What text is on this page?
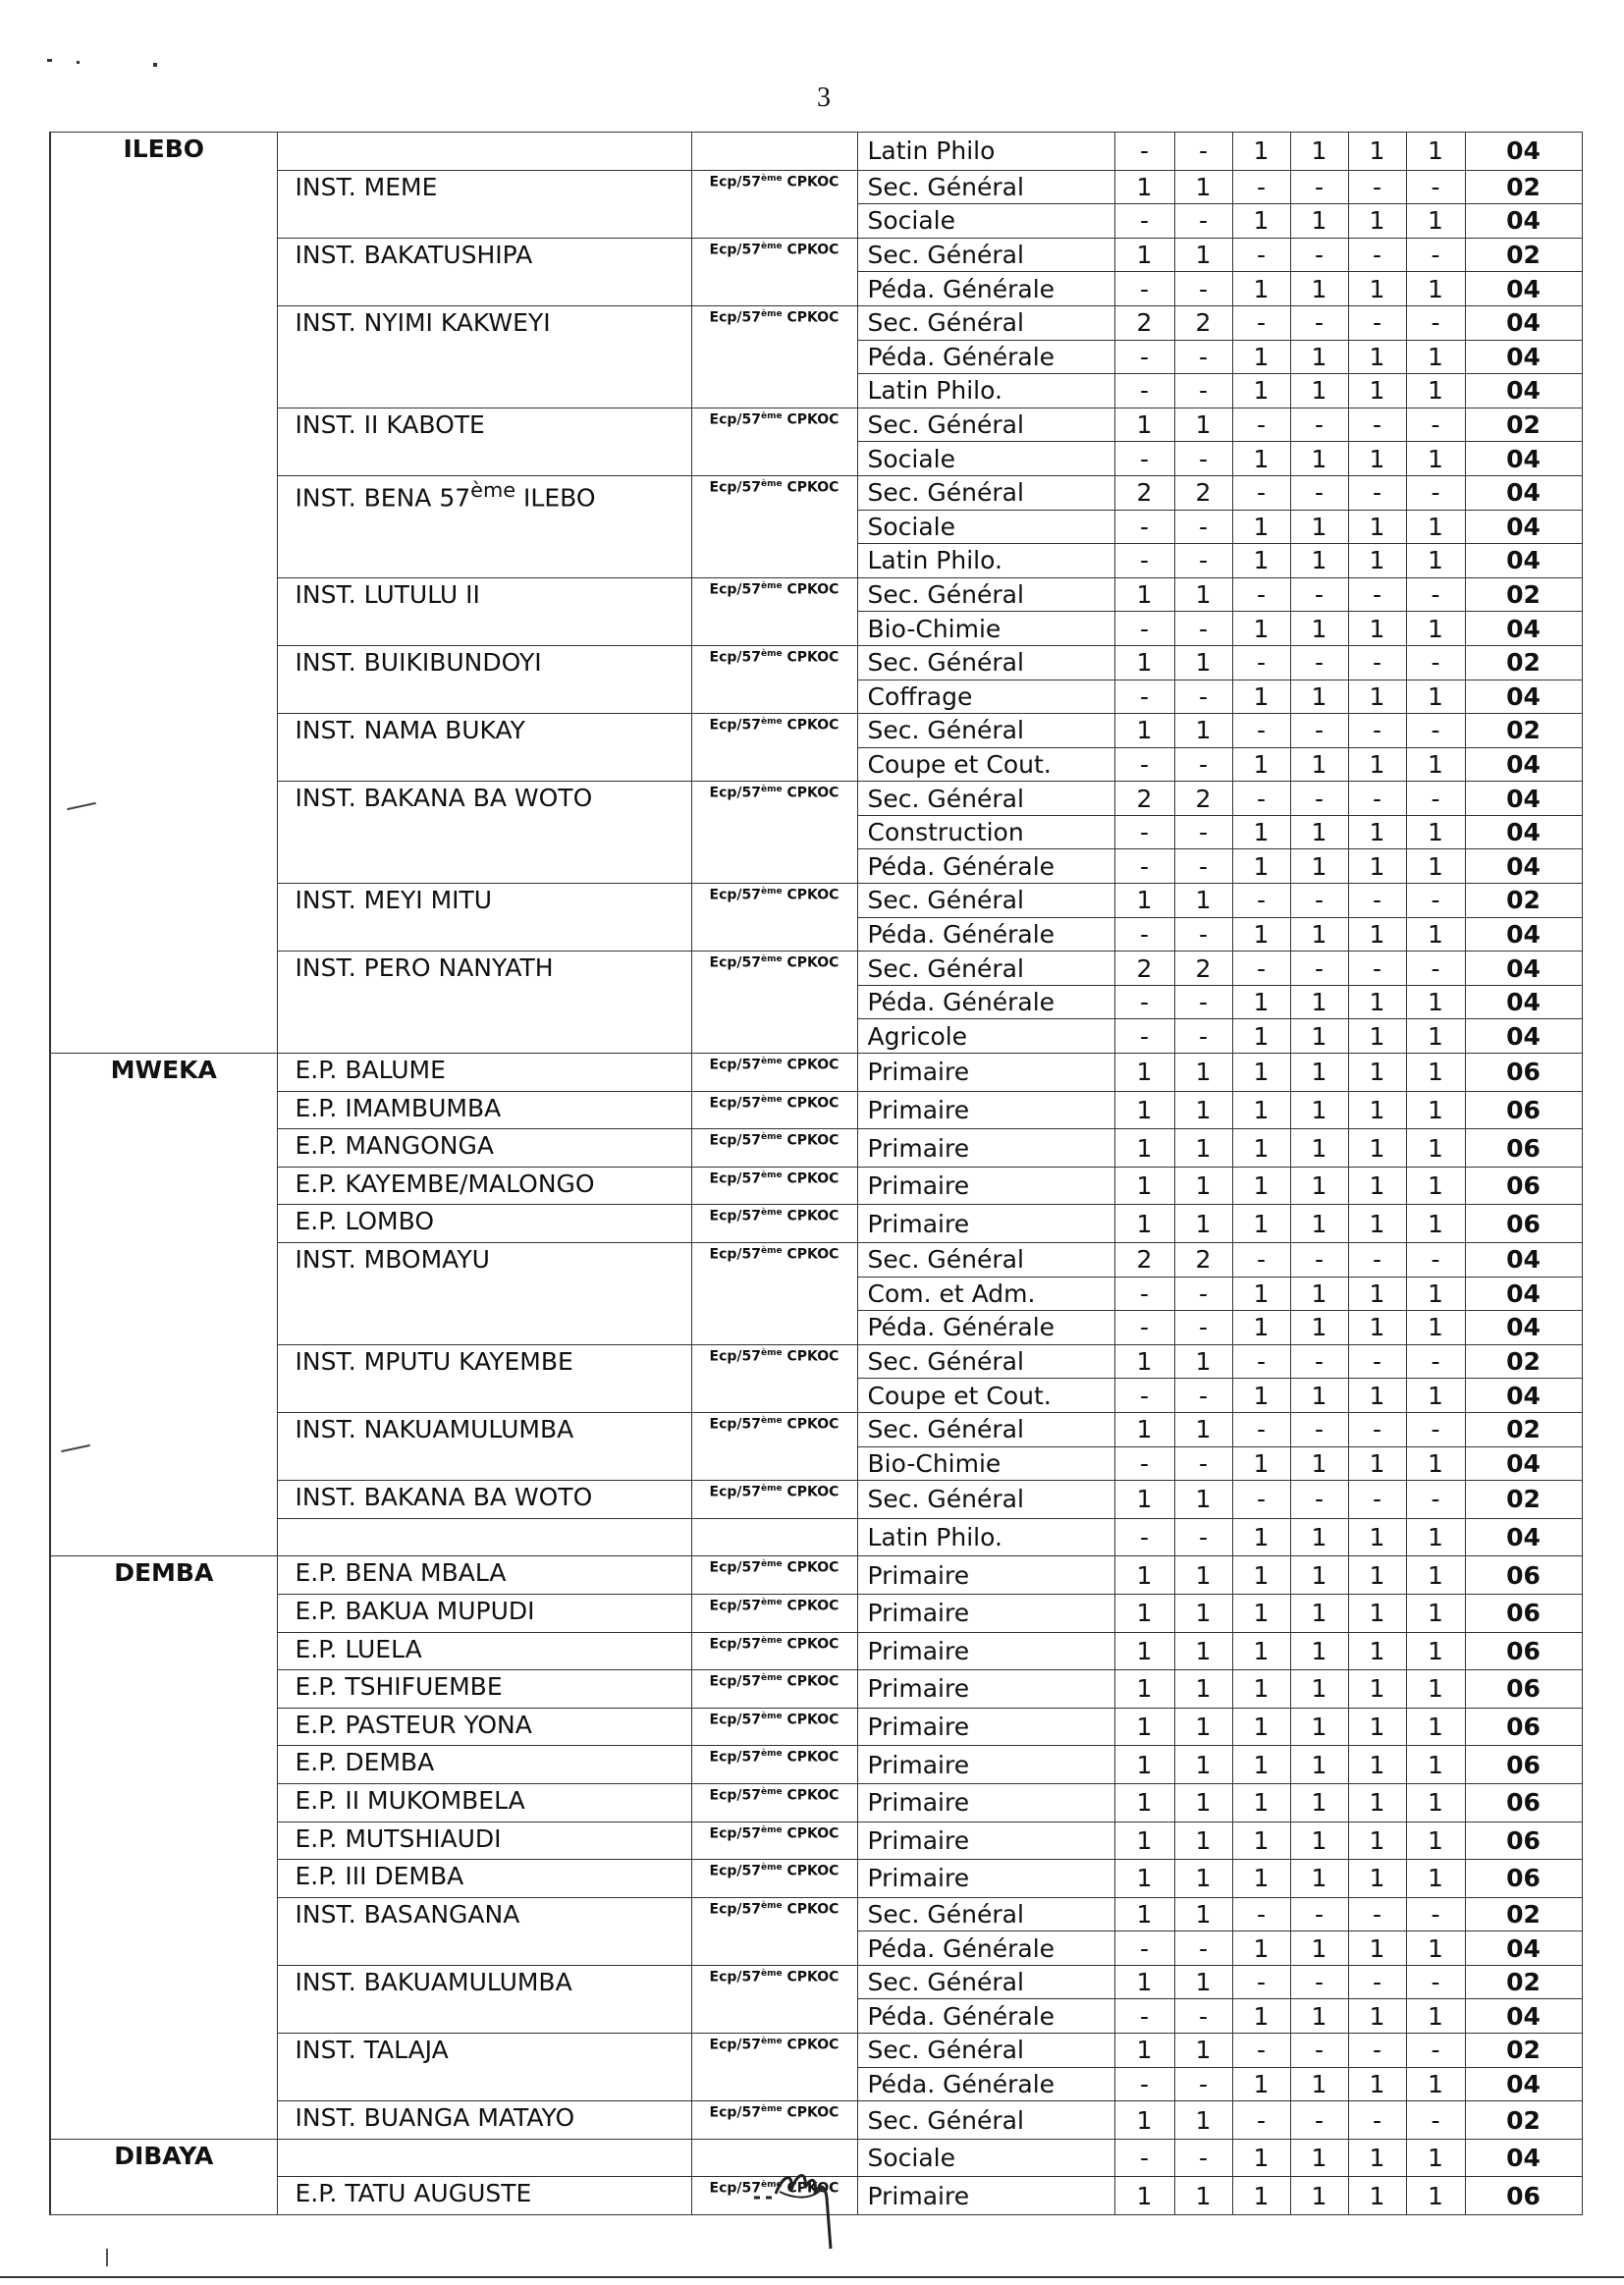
3
ILEBO			Latin Philo	-	-	1	1	1	1	04
	INST. MEME	Ecp/57ème CPKOC	Sec. Général	1	1	-	-	-	-	02
			Sociale	-	-	1	1	1	1	04
	INST. BAKATUSHIPA	Ecp/57ème CPKOC	Sec. Général	1	1	-	-	-	-	02
			Péda. Générale	-	-	1	1	1	1	04
	INST. NYIMI KAKWEYI	Ecp/57ème CPKOC	Sec. Général	2	2	-	-	-	-	04
			Péda. Générale	-	-	1	1	1	1	04
			Latin Philo.	-	-	1	1	1	1	04
	INST. II KABOTE	Ecp/57ème CPKOC	Sec. Général	1	1	-	-	-	-	02
			Sociale	-	-	1	1	1	1	04
	INST. BENA 57ème ILEBO	Ecp/57ème CPKOC	Sec. Général	2	2	-	-	-	-	04
			Sociale	-	-	1	1	1	1	04
			Latin Philo.	-	-	1	1	1	1	04
	INST. LUTULU II	Ecp/57ème CPKOC	Sec. Général	1	1	-	-	-	-	02
			Bio-Chimie	-	-	1	1	1	1	04
	INST. BUIKIBUNDOYI	Ecp/57ème CPKOC	Sec. Général	1	1	-	-	-	-	02
			Coffrage	-	-	1	1	1	1	04
	INST. NAMA BUKAY	Ecp/57ème CPKOC	Sec. Général	1	1	-	-	-	-	02
			Coupe et Cout.	-	-	1	1	1	1	04
	INST. BAKANA BA WOTO	Ecp/57ème CPKOC	Sec. Général	2	2	-	-	-	-	04
			Construction	-	-	1	1	1	1	04
			Péda. Générale	-	-	1	1	1	1	04
	INST. MEYI MITU	Ecp/57ème CPKOC	Sec. Général	1	1	-	-	-	-	02
			Péda. Générale	-	-	1	1	1	1	04
	INST. PERO NANYATH	Ecp/57ème CPKOC	Sec. Général	2	2	-	-	-	-	04
			Péda. Générale	-	-	1	1	1	1	04
			Agricole	-	-	1	1	1	1	04
MWEKA	E.P. BALUME	Ecp/57ème CPKOC	Primaire	1	1	1	1	1	1	06
	E.P. IMAMBUMBA	Ecp/57ème CPKOC	Primaire	1	1	1	1	1	1	06
	E.P. MANGONGA	Ecp/57ème CPKOC	Primaire	1	1	1	1	1	1	06
	E.P. KAYEMBE/MALONGO	Ecp/57ème CPKOC	Primaire	1	1	1	1	1	1	06
	E.P. LOMBO	Ecp/57ème CPKOC	Primaire	1	1	1	1	1	1	06
	INST. MBOMAYU	Ecp/57ème CPKOC	Sec. Général	2	2	-	-	-	-	04
			Com. et Adm.	-	-	1	1	1	1	04
			Péda. Générale	-	-	1	1	1	1	04
	INST. MPUTU KAYEMBE	Ecp/57ème CPKOC	Sec. Général	1	1	-	-	-	-	02
			Coupe et Cout.	-	-	1	1	1	1	04
	INST. NAKUAMULUMBA	Ecp/57ème CPKOC	Sec. Général	1	1	-	-	-	-	02
			Bio-Chimie	-	-	1	1	1	1	04
	INST. BAKANA BA WOTO	Ecp/57ème CPKOC	Sec. Général	1	1	-	-	-	-	02
			Latin Philo.	-	-	1	1	1	1	04
DEMBA	E.P. BENA MBALA	Ecp/57ème CPKOC	Primaire	1	1	1	1	1	1	06
	E.P. BAKUA MUPUDI	Ecp/57ème CPKOC	Primaire	1	1	1	1	1	1	06
	E.P. LUELA	Ecp/57ème CPKOC	Primaire	1	1	1	1	1	1	06
	E.P. TSHIFUEMBE	Ecp/57ème CPKOC	Primaire	1	1	1	1	1	1	06
	E.P. PASTEUR YONA	Ecp/57ème CPKOC	Primaire	1	1	1	1	1	1	06
	E.P. DEMBA	Ecp/57ème CPKOC	Primaire	1	1	1	1	1	1	06
	E.P. II MUKOMBELA	Ecp/57ème CPKOC	Primaire	1	1	1	1	1	1	06
	E.P. MUTSHIAUDI	Ecp/57ème CPKOC	Primaire	1	1	1	1	1	1	06
	E.P. III DEMBA	Ecp/57ème CPKOC	Primaire	1	1	1	1	1	1	06
	INST. BASANGANA	Ecp/57ème CPKOC	Sec. Général	1	1	-	-	-	-	02
			Péda. Générale	-	-	1	1	1	1	04
	INST. BAKUAMULUMBA	Ecp/57ème CPKOC	Sec. Général	1	1	-	-	-	-	02
			Péda. Générale	-	-	1	1	1	1	04
	INST. TALAJA	Ecp/57ème CPKOC	Sec. Général	1	1	-	-	-	-	02
			Péda. Générale	-	-	1	1	1	1	04
	INST. BUANGA MATAYO	Ecp/57ème CPKOC	Sec. Général	1	1	-	-	-	-	02
DIBAYA			Sociale	-	-	1	1	1	1	04
	E.P. TATU AUGUSTE	Ecp/57ème CPKOC	Primaire	1	1	1	1	1	1	06
